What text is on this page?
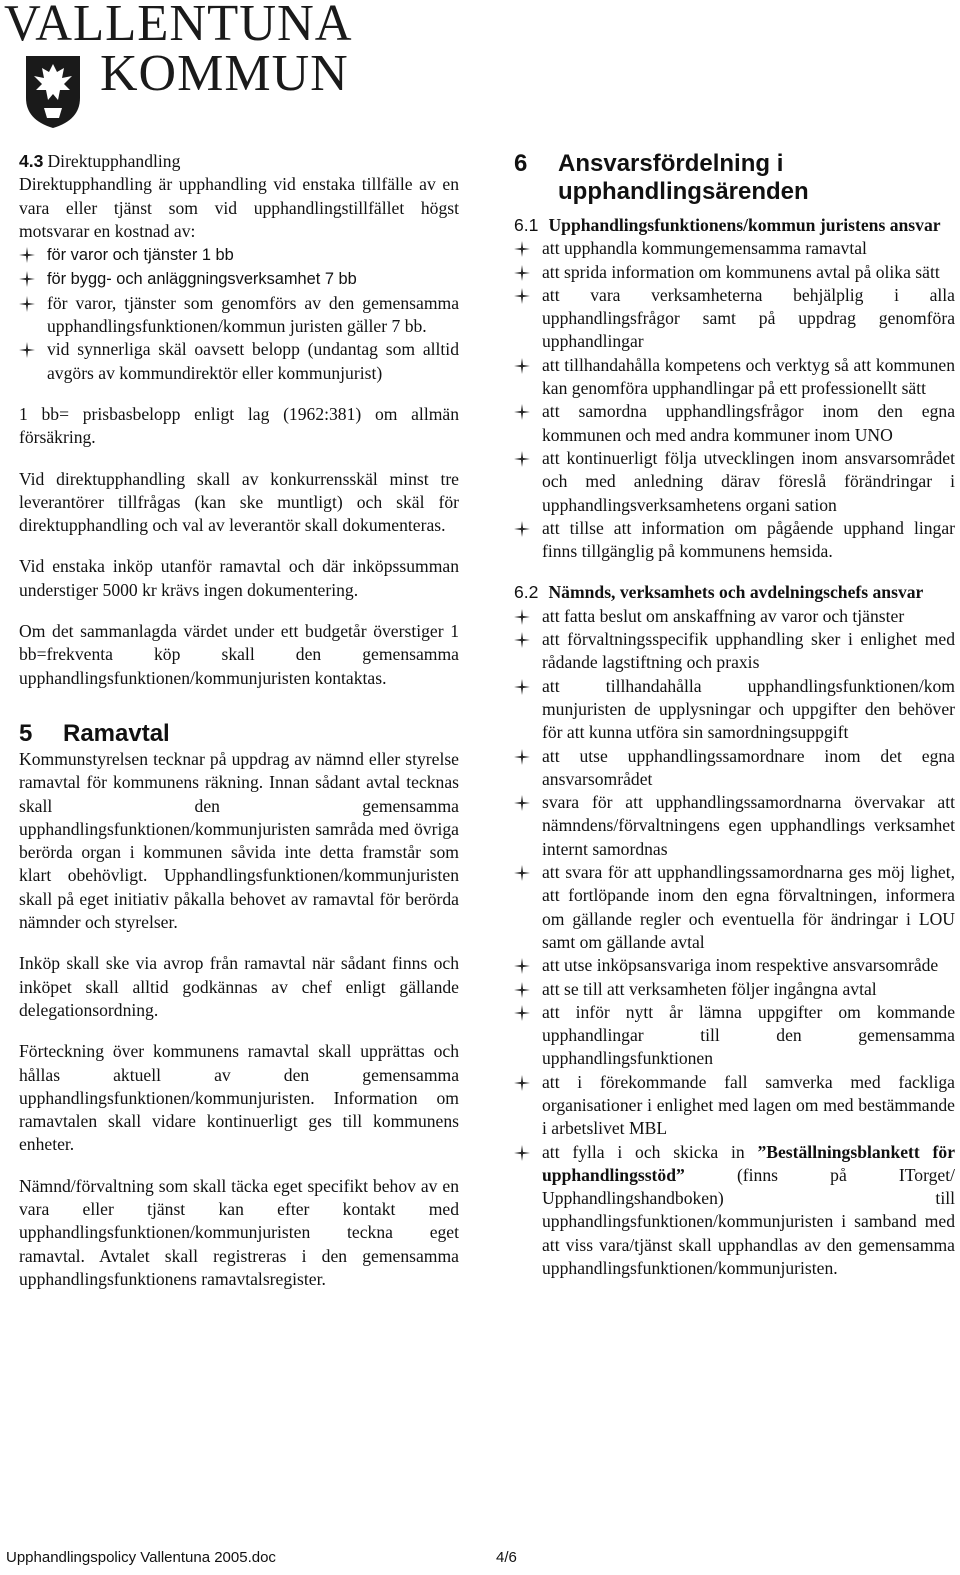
VALLENTUNA
KOMMUN
4.3 Direktupphandling

Direktupphandling är upphandling vid enstaka tillfälle av en vara eller tjänst som vid upphandlingstillfället högst motsvarar en kostnad av:

för varor och tjänster 1 bb
för bygg- och anläggningsverksamhet 7 bb
för varor, tjänster som genomförs av den gemensamma upphandlingsfunktionen/kommun juristen gäller 7 bb.
vid synnerliga skäl oavsett belopp (undantag som alltid avgörs av kommundirektör eller kommunjurist)

1 bb= prisbasbelopp enligt lag (1962:381) om allmän försäkring.

Vid direktupphandling skall av konkurrensskäl minst tre leverantörer tillfrågas (kan ske muntligt) och skäl för direktupphandling och val av leverantör skall dokumenteras.

Vid enstaka inköp utanför ramavtal och där inköpssumman understiger 5000 kr krävs ingen dokumentering.

Om det sammanlagda värdet under ett budgetår överstiger 1 bb=frekventa köp skall den gemensamma upphandlingsfunktionen/kommunjuristen kontaktas.

5 Ramavtal

Kommunstyrelsen tecknar på uppdrag av nämnd eller styrelse ramavtal för kommunens räkning. Innan sådant avtal tecknas skall den gemensamma upphandlingsfunktionen/kommunjuristen samråda med övriga berörda organ i kommunen såvida inte detta framstår som klart obehövligt. Upphandlingsfunktionen/kommunjuristen skall på eget initiativ påkalla behovet av ramavtal för berörda nämnder och styrelser.

Inköp skall ske via avrop från ramavtal när sådant finns och inköpet skall alltid godkännas av chef enligt gällande delegationsordning.

Förteckning över kommunens ramavtal skall upprättas och hållas aktuell av den gemensamma upphandlingsfunktionen/kommunjuristen. Information om ramavtalen skall vidare kontinuerligt ges till kommunens enheter.

Nämnd/förvaltning som skall täcka eget specifikt behov av en vara eller tjänst kan efter kontakt med upphandlingsfunktionen/kommunjuristen teckna eget ramavtal. Avtalet skall registreras i den gemensamma upphandlingsfunktionens ramavtalsregister.

6 Ansvarsfördelning i upphandlingsärenden
6.1 Upphandlingsfunktionens/kommun juristens ansvar
att upphandla kommungemensamma ramavtal
att sprida information om kommunens avtal på olika sätt
att vara verksamheterna behjälplig i alla upphandlingsfrågor samt på uppdrag genomföra upphandlingar
att tillhandahålla kompetens och verktyg så att kommunen kan genomföra upphandlingar på ett professionellt sätt
att samordna upphandlingsfrågor inom den egna kommunen och med andra kommuner inom UNO
att kontinuerligt följa utvecklingen inom ansvarsområdet och med anledning därav föreslå förändringar i upphandlingsverksamhetens organi sation
att tillse att information om pågående upphand lingar finns tillgänglig på kommunens hemsida.
6.2 Nämnds, verksamhets och avdelningschefs ansvar
att fatta beslut om anskaffning av varor och tjänster
att förvaltningsspecifik upphandling sker i enlighet med rådande lagstiftning och praxis
att tillhandahålla upphandlingsfunktionen/kom munjuristen de upplysningar och uppgifter den behöver för att kunna utföra sin samordningsuppgift
att utse upphandlingssamordnare inom det egna ansvarsområdet
svara för att upphandlingssamordnarna övervakar att nämndens/förvaltningens egen upphandlings verksamhet internt samordnas
att svara för att upphandlingssamordnarna ges möj lighet, att fortlöpande inom den egna förvaltningen, informera om gällande regler och eventuella för ändringar i LOU samt om gällande avtal
att utse inköpsansvariga inom respektive ansvarsområde
att se till att verksamheten följer ingångna avtal
att inför nytt år lämna uppgifter om kommande upphandlingar till den gemensamma upphandlingsfunktionen
att i förekommande fall samverka med fackliga organisationer i enlighet med lagen om med bestämmande i arbetslivet MBL
att fylla i och skicka in ”Beställningsblankett för upphandlingsstöd”	(finns på ITorget/ Upphandlingshandboken) till upphandlingsfunktionen/kommunjuristen i samband med att viss vara/tjänst skall upphandlas av den gemensamma upphandlingsfunktionen/kommunjuristen.
Upphandlingspolicy Vallentuna 2005.doc	4/6
